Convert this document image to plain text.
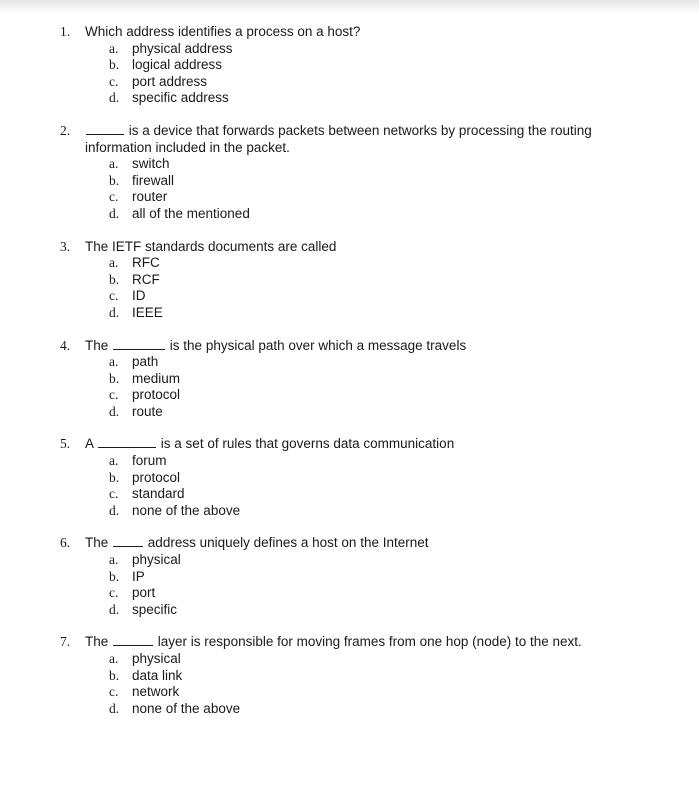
1. Which address identifies a process on a host?
a. physical address
b. logical address
c. port address
d. specific address
2.	is a device that forwards packets between networks by processing the routing information included in the packet.
a. switch
b. firewall
c. router
d. all of the mentioned
3. The IETF standards documents are called
a. RFC
b. RCF
c. ID
d. IEEE
4. The	is the physical path over which a message travels
a. path
b. medium
c. protocol
d. route
5. A	is a set of rules that governs data communication
a. forum
b. protocol
c. standard
d. none of the above
6. The	address uniquely defines a host on the Internet
a. physical
b. IP
c. port
d. specific
7. The	layer is responsible for moving frames from one hop (node) to the next.
a. physical
b. data link
c. network
d. none of the above
